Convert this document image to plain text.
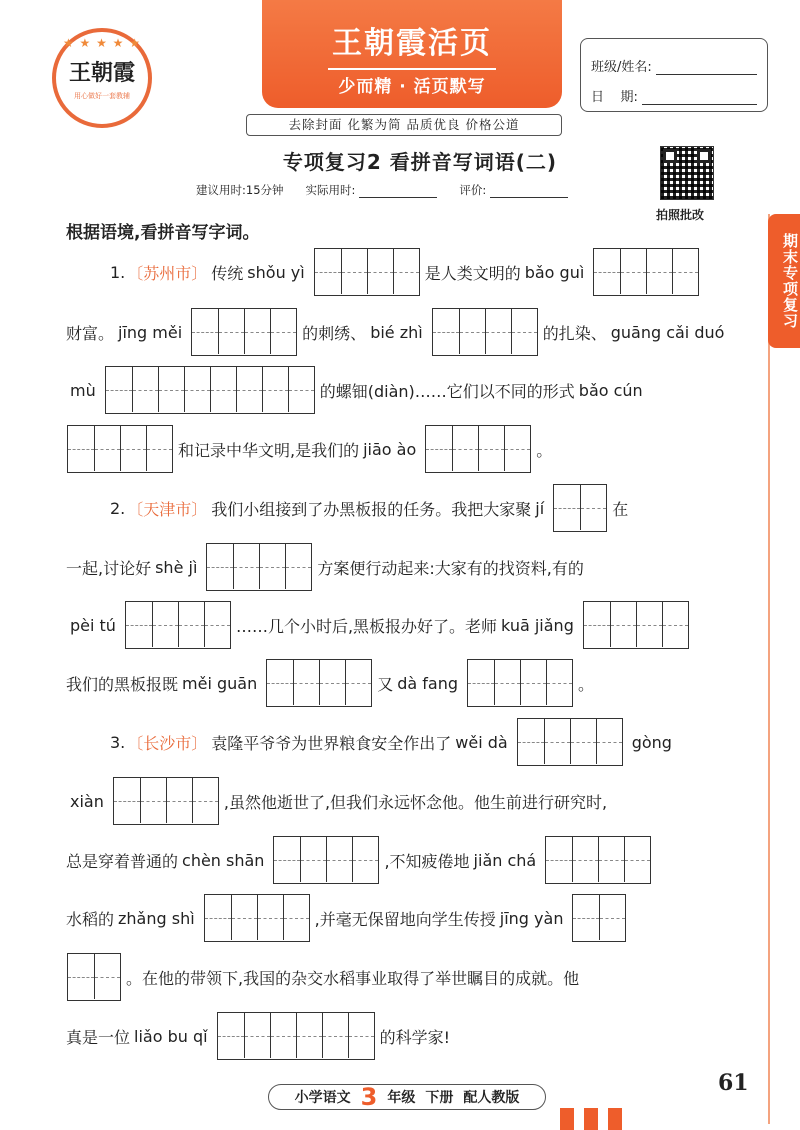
★ ★ ★ ★ ★
王朝霞
用心做好一套教辅
王朝霞活页
少而精 · 活页默写
班级/姓名:
日    期:
去除封面 化繁为简 品质优良 价格公道
专项复习2 看拼音写词语(二)
建议用时:15分钟 实际用时:	评价:
拍照批改
期末专项复习
根据语境,看拼音写字词。
1. 〔苏州市〕 传统 shǒu yì	是人类文明的 bǎo guì
财富。 jīng měi	的刺绣、 bié zhì	的扎染、 guāng cǎi duó
mù	的螺钿(diàn)……它们以不同的形式 bǎo cún
和记录中华文明,是我们的 jiāo ào	。
2. 〔天津市〕 我们小组接到了办黑板报的任务。我把大家聚 jí	在
一起,讨论好 shè jì	方案便行动起来:大家有的找资料,有的
pèi tú	……几个小时后,黑板报办好了。老师 kuā jiǎng
我们的黑板报既 měi guān	又 dà fang	。
3. 〔长沙市〕 袁隆平爷爷为世界粮食安全作出了 wěi dà	gòng
xiàn	,虽然他逝世了,但我们永远怀念他。他生前进行研究时,
总是穿着普通的 chèn shān	,不知疲倦地 jiǎn chá
水稻的 zhǎng shì	,并毫无保留地向学生传授 jīng yàn
。在他的带领下,我国的杂交水稻事业取得了举世瞩目的成就。他
真是一位 liǎo bu qǐ	的科学家!
小学语文 3 年级 下册 配人教版
61
